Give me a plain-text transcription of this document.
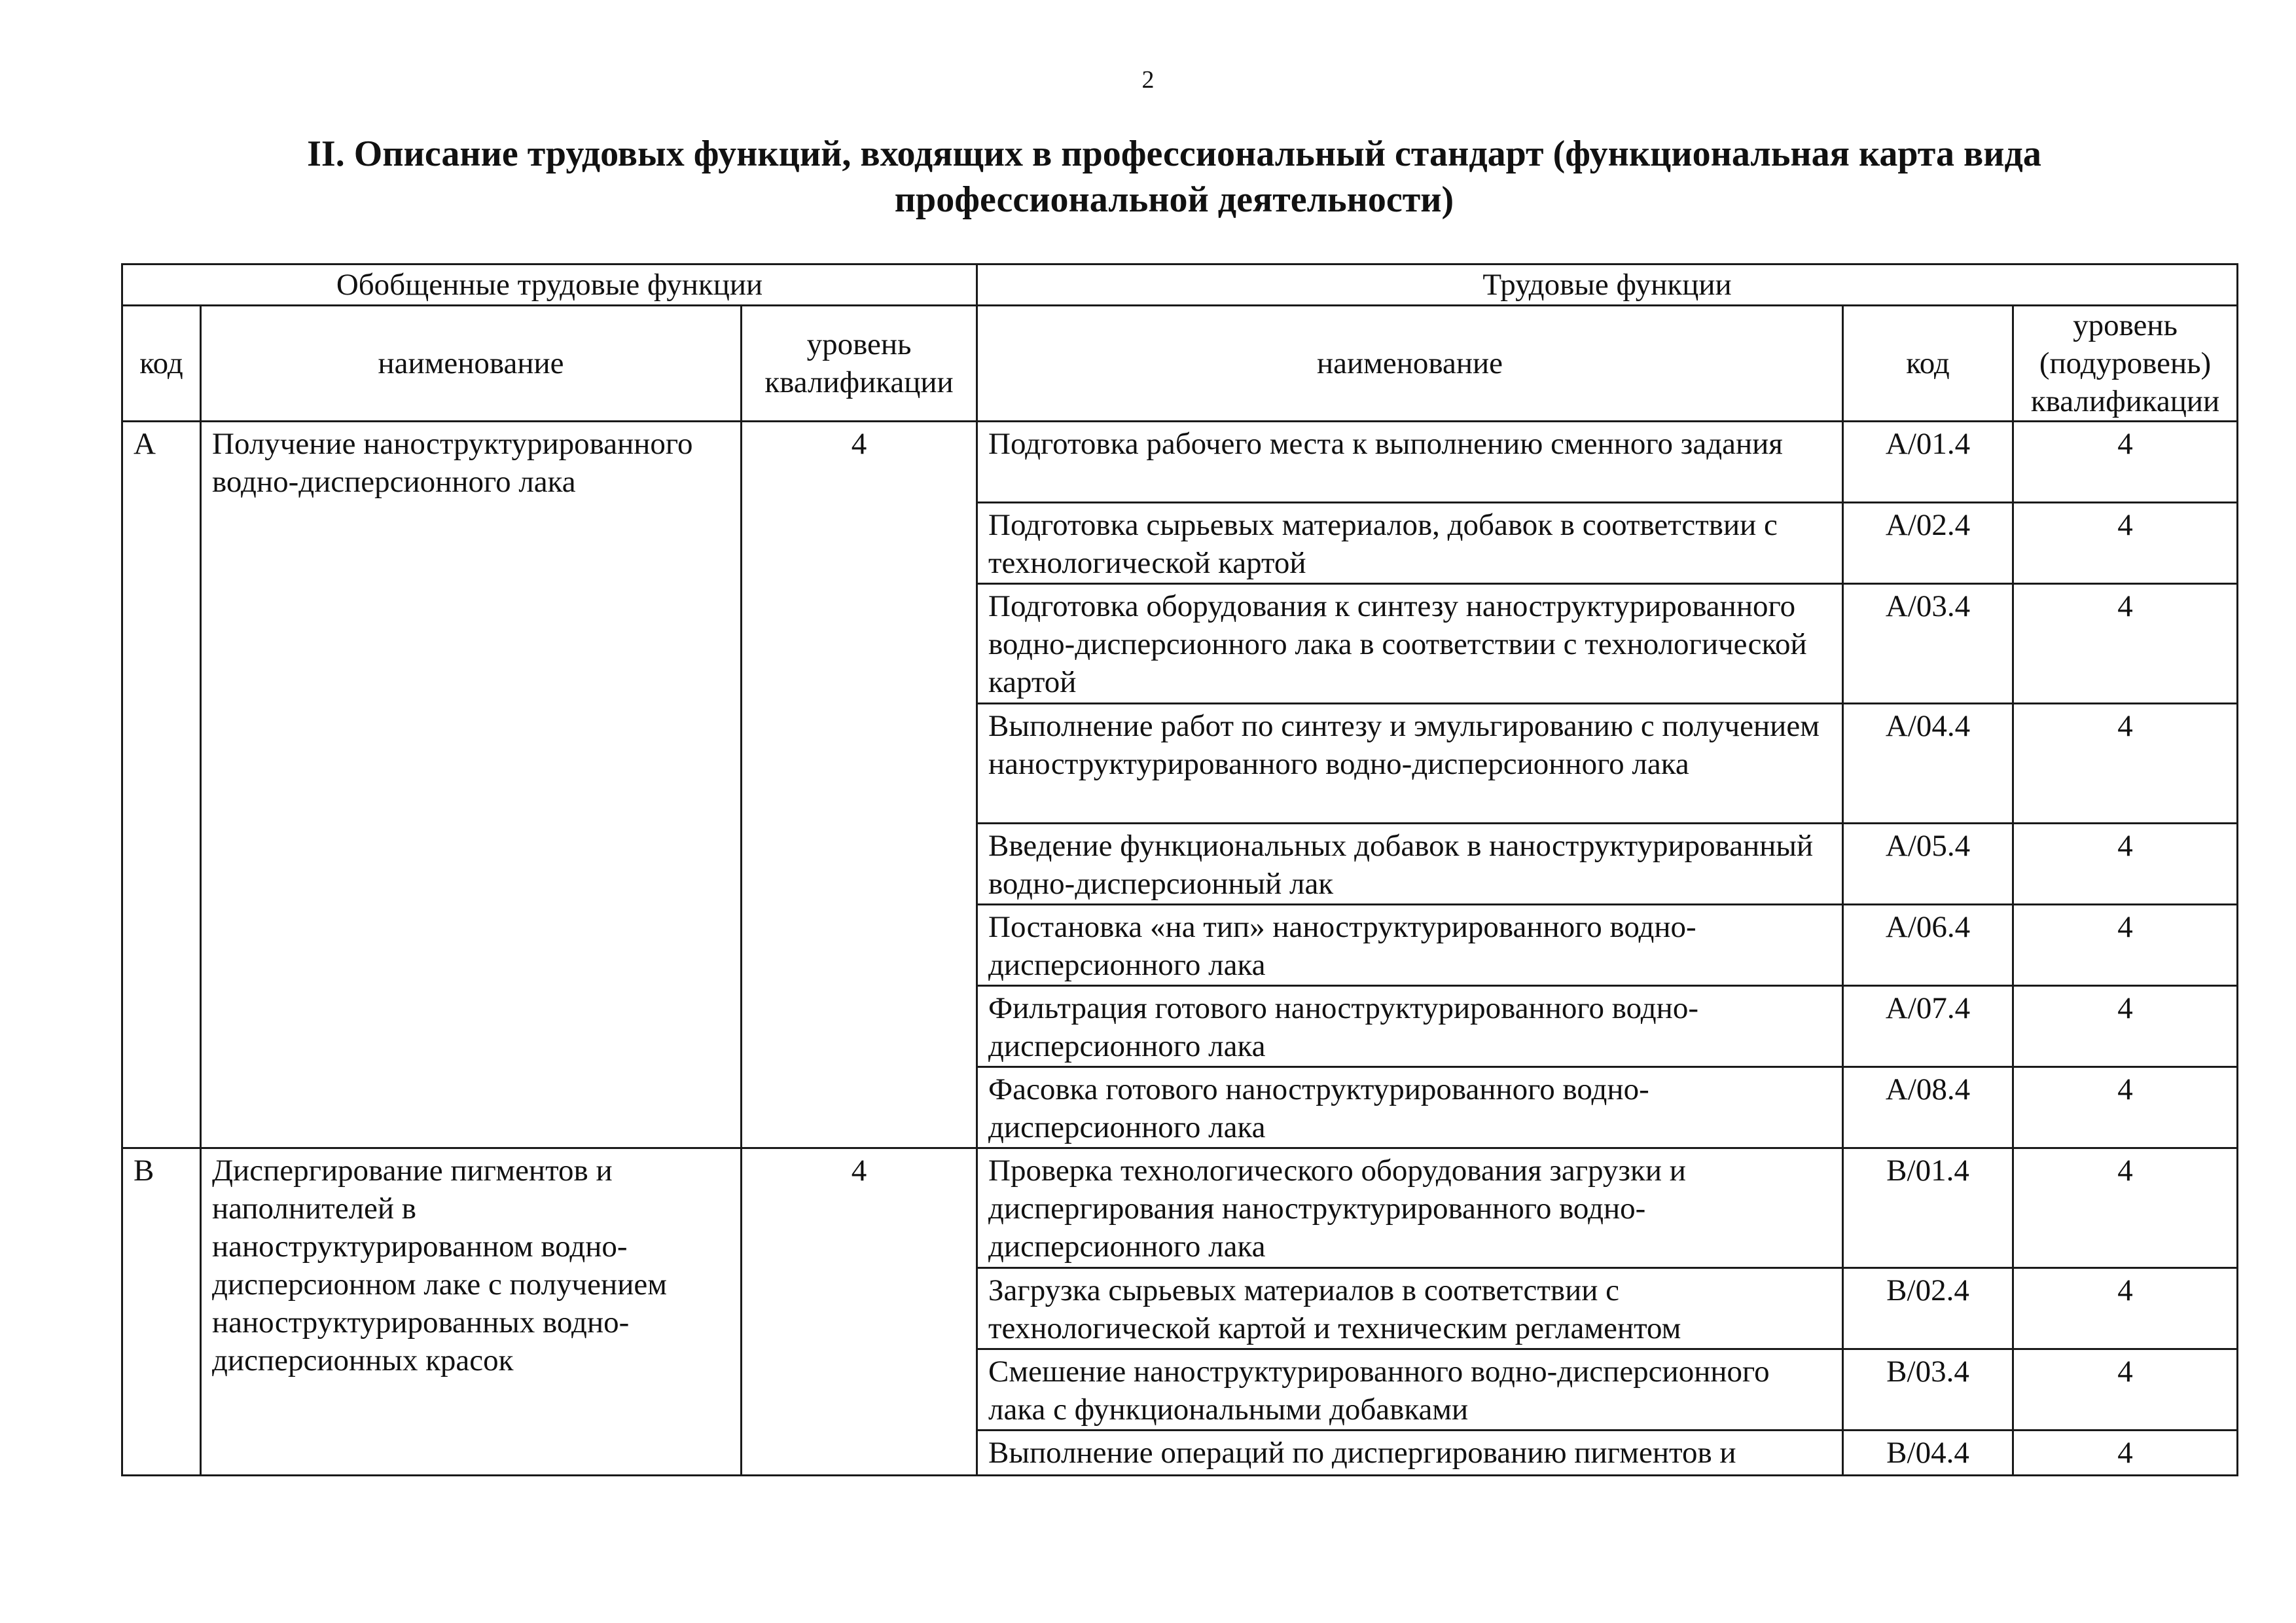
2
II. Описание трудовых функций, входящих в профессиональный стандарт (функциональная карта вида
профессиональной деятельности)
Обобщенные трудовые функции			Трудовые функции		
код	наименование	уровень квалификации	наименование	код	уровень (подуровень) квалификации
A	Получение наноструктурированного водно-дисперсионного лака	4	Подготовка рабочего места к выполнению сменного задания	A/01.4	4
			Подготовка сырьевых материалов, добавок в соответствии с технологической картой	A/02.4	4
			Подготовка оборудования к синтезу наноструктурированного водно-дисперсионного лака в соответствии с технологической картой	A/03.4	4
			Выполнение работ по синтезу и эмульгированию с получением наноструктурированного водно-дисперсионного лака	A/04.4	4
			Введение функциональных добавок в наноструктурированный водно-дисперсионный лак	A/05.4	4
			Постановка «на тип» наноструктурированного водно-дисперсионного лака	A/06.4	4
			Фильтрация готового наноструктурированного водно-дисперсионного лака	A/07.4	4
			Фасовка готового наноструктурированного водно-дисперсионного лака	A/08.4	4
B	Диспергирование пигментов и наполнителей в наноструктурированном водно-дисперсионном лаке с получением наноструктурированных водно-дисперсионных красок	4	Проверка технологического оборудования загрузки и диспергирования наноструктурированного водно-дисперсионного лака	B/01.4	4
			Загрузка сырьевых материалов в соответствии с технологической картой и техническим регламентом	B/02.4	4
			Смешение наноструктурированного водно-дисперсионного лака с функциональными добавками	B/03.4	4
			Выполнение операций по диспергированию пигментов и	B/04.4	4
